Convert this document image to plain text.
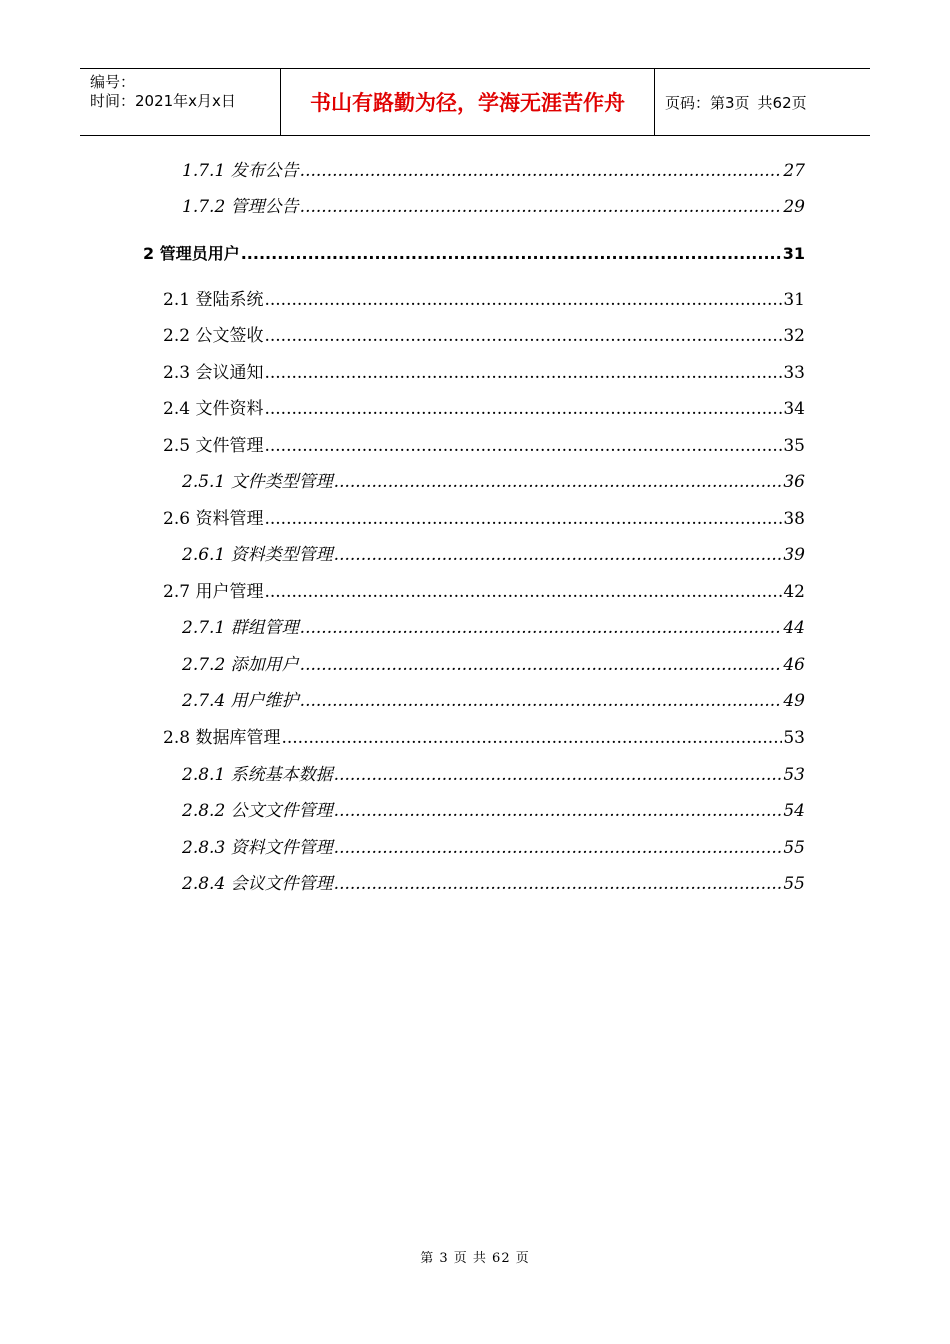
编号：
时间：2021年x月x日	书山有路勤为径，学海无涯苦作舟	页码：第3页 共62页
1.7.1 发布公告 .....	27
1.7.2 管理公告 .....	29
2 管理员用户 .....	31
2.1 登陆系统 .....	31
2.2 公文签收 .....	32
2.3 会议通知 .....	33
2.4 文件资料 .....	34
2.5 文件管理 .....	35
2.5.1 文件类型管理 .....	36
2.6 资料管理 .....	38
2.6.1 资料类型管理 .....	39
2.7 用户管理 .....	42
2.7.1 群组管理 .....	44
2.7.2 添加用户 .....	46
2.7.4 用户维护 .....	49
2.8 数据库管理 .....	53
2.8.1 系统基本数据 .....	53
2.8.2 公文文件管理 .....	54
2.8.3 资料文件管理 .....	55
2.8.4 会议文件管理 .....	55
第 3 页 共 62 页
